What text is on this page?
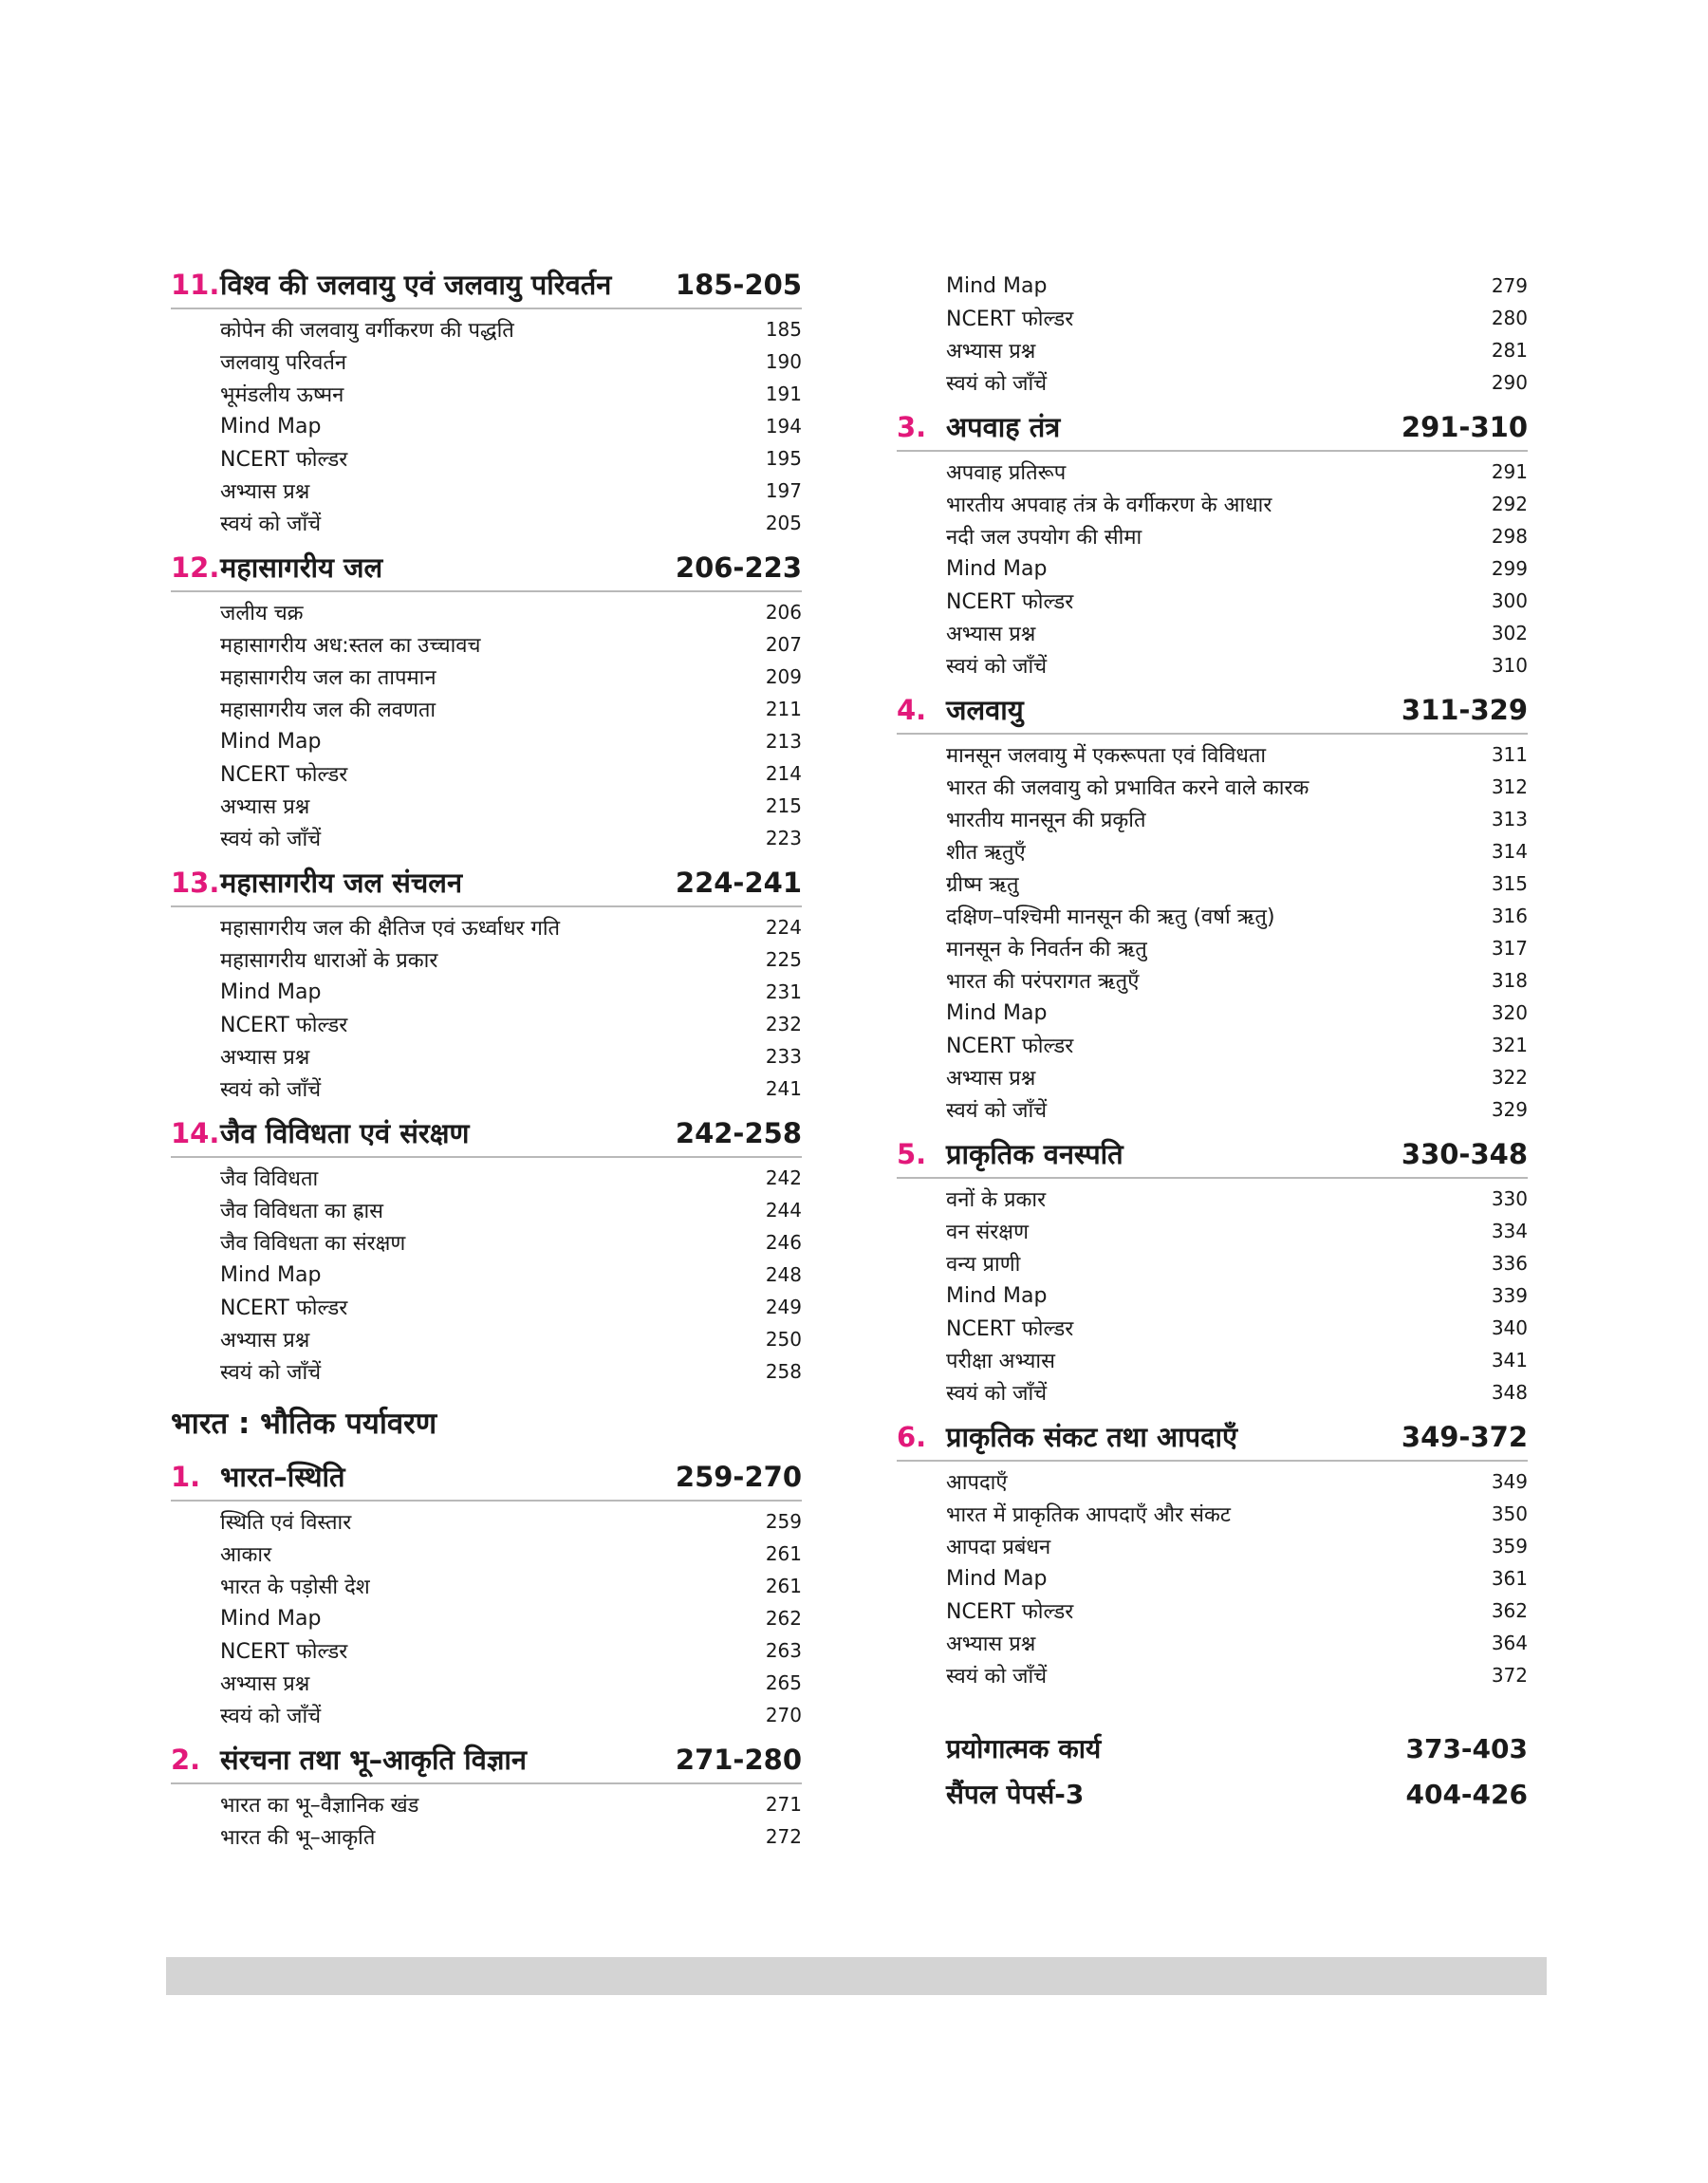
11. विश्व की जलवायु एवं जलवायु परिवर्तन	185-205
कोपेन की जलवायु वर्गीकरण की पद्धति	185
जलवायु परिवर्तन	190
भूमंडलीय ऊष्मन	191
Mind Map	194
NCERT फोल्डर	195
अभ्यास प्रश्न	197
स्वयं को जाँचें	205
12. महासागरीय जल	206-223
जलीय चक्र	206
महासागरीय अध:स्तल का उच्चावच	207
महासागरीय जल का तापमान	209
महासागरीय जल की लवणता	211
Mind Map	213
NCERT फोल्डर	214
अभ्यास प्रश्न	215
स्वयं को जाँचें	223
13. महासागरीय जल संचलन	224-241
महासागरीय जल की क्षैतिज एवं ऊर्ध्वाधर गति	224
महासागरीय धाराओं के प्रकार	225
Mind Map	231
NCERT फोल्डर	232
अभ्यास प्रश्न	233
स्वयं को जाँचें	241
14. जैव विविधता एवं संरक्षण	242-258
जैव विविधता	242
जैव विविधता का ह्रास	244
जैव विविधता का संरक्षण	246
Mind Map	248
NCERT फोल्डर	249
अभ्यास प्रश्न	250
स्वयं को जाँचें	258
भारत : भौतिक पर्यावरण
1. भारत–स्थिति	259-270
स्थिति एवं विस्तार	259
आकार	261
भारत के पड़ोसी देश	261
Mind Map	262
NCERT फोल्डर	263
अभ्यास प्रश्न	265
स्वयं को जाँचें	270
2. संरचना तथा भू–आकृति विज्ञान	271-280
भारत का भू–वैज्ञानिक खंड	271
भारत की भू–आकृति	272
Mind Map	279
NCERT फोल्डर	280
अभ्यास प्रश्न	281
स्वयं को जाँचें	290
3. अपवाह तंत्र	291-310
अपवाह प्रतिरूप	291
भारतीय अपवाह तंत्र के वर्गीकरण के आधार	292
नदी जल उपयोग की सीमा	298
Mind Map	299
NCERT फोल्डर	300
अभ्यास प्रश्न	302
स्वयं को जाँचें	310
4. जलवायु	311-329
मानसून जलवायु में एकरूपता एवं विविधता	311
भारत की जलवायु को प्रभावित करने वाले कारक	312
भारतीय मानसून की प्रकृति	313
शीत ऋतुएँ	314
ग्रीष्म ऋतु	315
दक्षिण–पश्चिमी मानसून की ऋतु (वर्षा ऋतु)	316
मानसून के निवर्तन की ऋतु	317
भारत की परंपरागत ऋतुएँ	318
Mind Map	320
NCERT फोल्डर	321
अभ्यास प्रश्न	322
स्वयं को जाँचें	329
5. प्राकृतिक वनस्पति	330-348
वनों के प्रकार	330
वन संरक्षण	334
वन्य प्राणी	336
Mind Map	339
NCERT फोल्डर	340
परीक्षा अभ्यास	341
स्वयं को जाँचें	348
6. प्राकृतिक संकट तथा आपदाएँ	349-372
आपदाएँ	349
भारत में प्राकृतिक आपदाएँ और संकट	350
आपदा प्रबंधन	359
Mind Map	361
NCERT फोल्डर	362
अभ्यास प्रश्न	364
स्वयं को जाँचें	372
प्रयोगात्मक कार्य	373-403
सैंपल पेपर्स-3	404-426
